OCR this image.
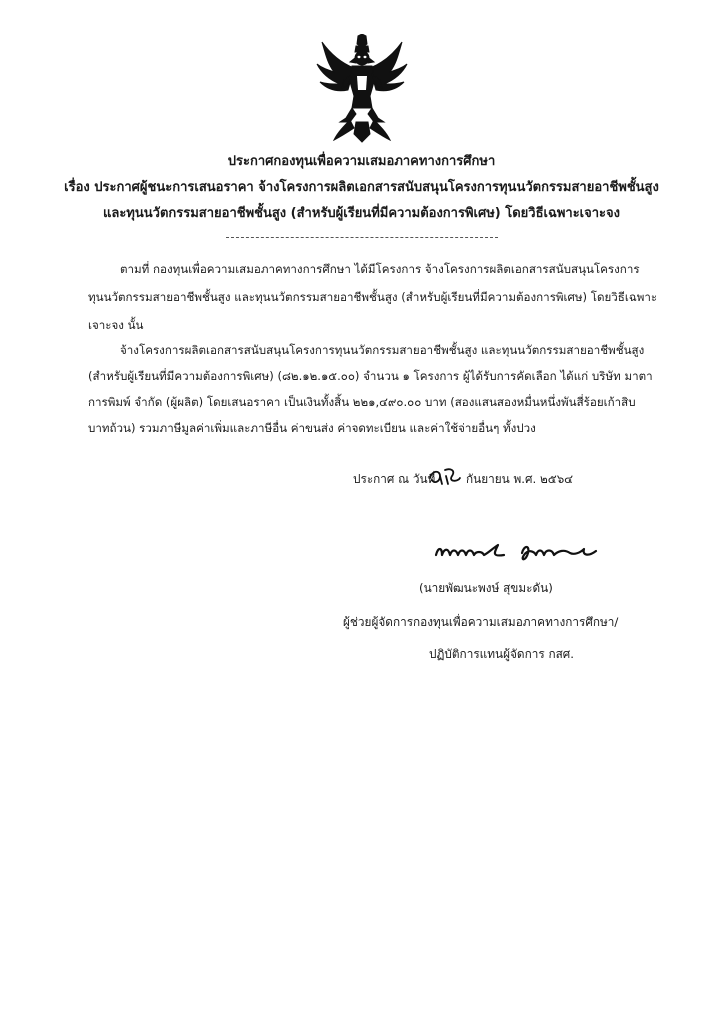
ประกาศกองทุนเพื่อความเสมอภาคทางการศึกษา
เรื่อง ประกาศผู้ชนะการเสนอราคา จ้างโครงการผลิตเอกสารสนับสนุนโครงการทุนนวัตกรรมสายอาชีพชั้นสูง
และทุนนวัตกรรมสายอาชีพชั้นสูง (สำหรับผู้เรียนที่มีความต้องการพิเศษ) โดยวิธีเฉพาะเจาะจง
ตามที่ กองทุนเพื่อความเสมอภาคทางการศึกษา ได้มีโครงการ จ้างโครงการผลิตเอกสารสนับสนุนโครงการ
ทุนนวัตกรรมสายอาชีพชั้นสูง และทุนนวัตกรรมสายอาชีพชั้นสูง (สำหรับผู้เรียนที่มีความต้องการพิเศษ) โดยวิธีเฉพาะ
เจาะจง นั้น
จ้างโครงการผลิตเอกสารสนับสนุนโครงการทุนนวัตกรรมสายอาชีพชั้นสูง และทุนนวัตกรรมสายอาชีพชั้นสูง
(สำหรับผู้เรียนที่มีความต้องการพิเศษ) (๘๒.๑๒.๑๕.๐๐) จำนวน ๑ โครงการ ผู้ได้รับการคัดเลือก ได้แก่ บริษัท มาตา
การพิมพ์ จำกัด (ผู้ผลิต) โดยเสนอราคา เป็นเงินทั้งสิ้น ๒๒๑,๔๙๐.๐๐ บาท (สองแสนสองหมื่นหนึ่งพันสี่ร้อยเก้าสิบ
บาทถ้วน) รวมภาษีมูลค่าเพิ่มและภาษีอื่น ค่าขนส่ง ค่าจดทะเบียน และค่าใช้จ่ายอื่นๆ ทั้งปวง
ประกาศ ณ วันที่	กันยายน พ.ศ. ๒๕๖๔
(นายพัฒนะพงษ์ สุขมะดัน)
ผู้ช่วยผู้จัดการกองทุนเพื่อความเสมอภาคทางการศึกษา/
ปฏิบัติการแทนผู้จัดการ กสศ.
